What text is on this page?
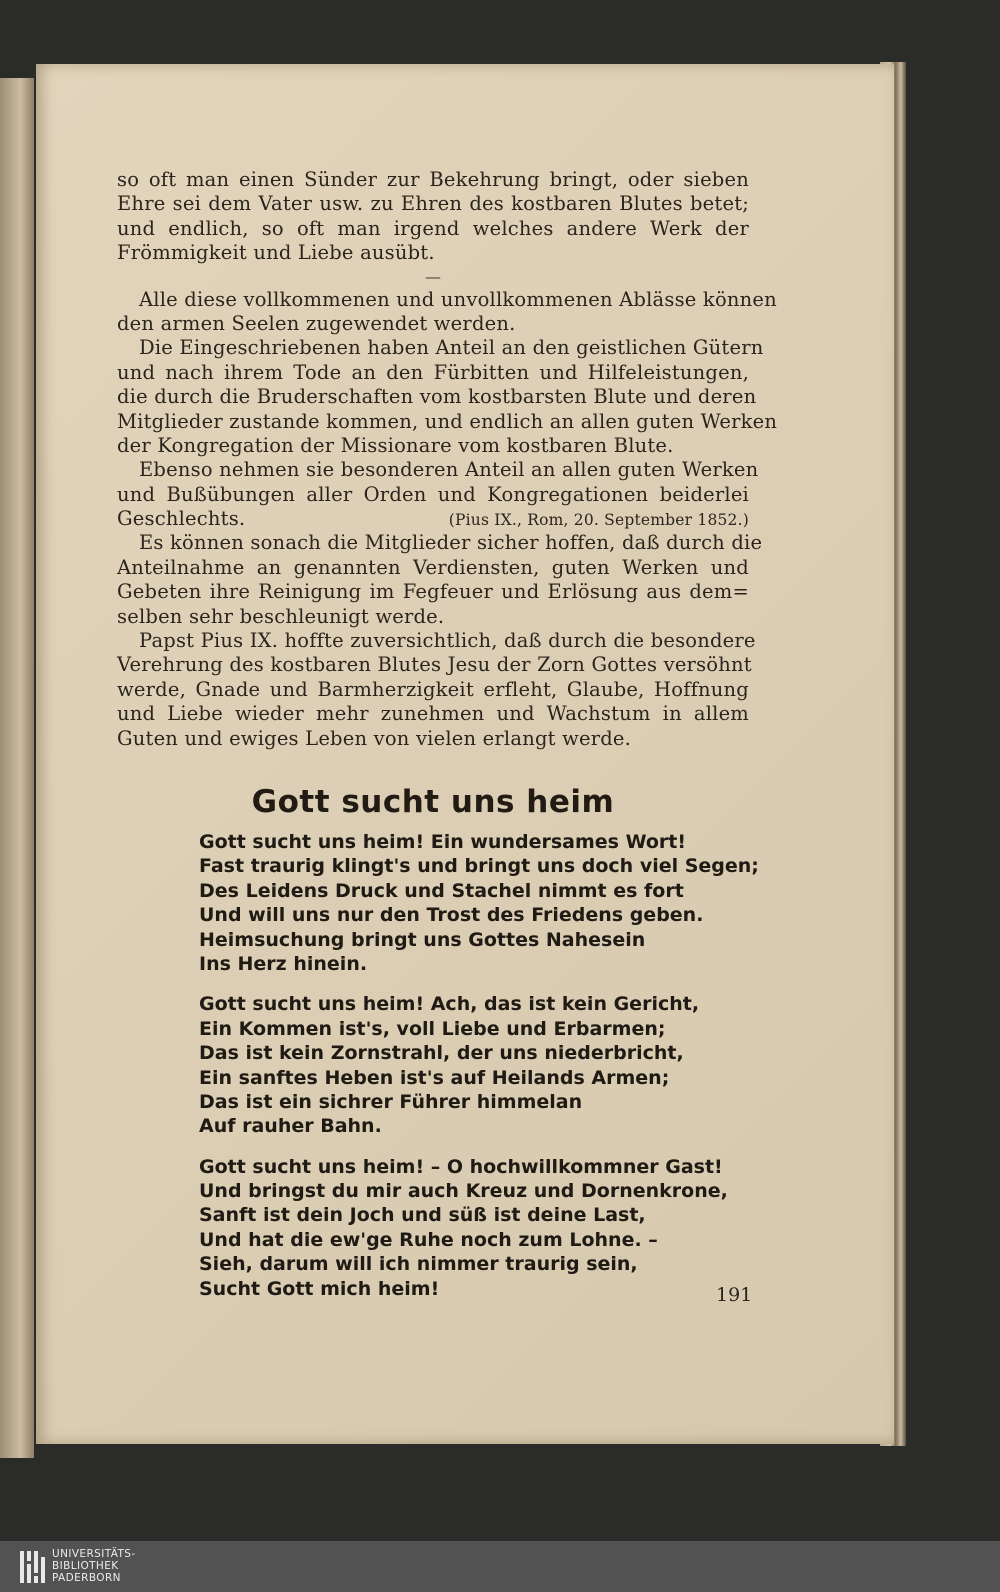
so oft man einen Sünder zur Bekehrung bringt, oder sieben
Ehre sei dem Vater usw. zu Ehren des kostbaren Blutes betet;
und endlich, so oft man irgend welches andere Werk der
Frömmigkeit und Liebe ausübt.
—
Alle diese vollkommenen und unvollkommenen Ablässe können
den armen Seelen zugewendet werden.
Die Eingeschriebenen haben Anteil an den geistlichen Gütern
und nach ihrem Tode an den Fürbitten und Hilfeleistungen,
die durch die Bruderschaften vom kostbarsten Blute und deren
Mitglieder zustande kommen, und endlich an allen guten Werken
der Kongregation der Missionare vom kostbaren Blute.
Ebenso nehmen sie besonderen Anteil an allen guten Werken
und Bußübungen aller Orden und Kongregationen beiderlei
Geschlechts.	(Pius IX., Rom, 20. September 1852.)
Es können sonach die Mitglieder sicher hoffen, daß durch die
Anteilnahme an genannten Verdiensten, guten Werken und
Gebeten ihre Reinigung im Fegfeuer und Erlösung aus dem=
selben sehr beschleunigt werde.
Papst Pius IX. hoffte zuversichtlich, daß durch die besondere
Verehrung des kostbaren Blutes Jesu der Zorn Gottes versöhnt
werde, Gnade und Barmherzigkeit erfleht, Glaube, Hoffnung
und Liebe wieder mehr zunehmen und Wachstum in allem
Guten und ewiges Leben von vielen erlangt werde.
Gott sucht uns heim
Gott sucht uns heim! Ein wundersames Wort!
Fast traurig klingt's und bringt uns doch viel Segen;
Des Leidens Druck und Stachel nimmt es fort
Und will uns nur den Trost des Friedens geben.
Heimsuchung bringt uns Gottes Nahesein
Ins Herz hinein.
Gott sucht uns heim! Ach, das ist kein Gericht,
Ein Kommen ist's, voll Liebe und Erbarmen;
Das ist kein Zornstrahl, der uns niederbricht,
Ein sanftes Heben ist's auf Heilands Armen;
Das ist ein sichrer Führer himmelan
Auf rauher Bahn.
Gott sucht uns heim! – O hochwillkommner Gast!
Und bringst du mir auch Kreuz und Dornenkrone,
Sanft ist dein Joch und süß ist deine Last,
Und hat die ew'ge Ruhe noch zum Lohne. –
Sieh, darum will ich nimmer traurig sein,
Sucht Gott mich heim!	191
UNIVERSITÄTS-
BIBLIOTHEK
PADERBORN
